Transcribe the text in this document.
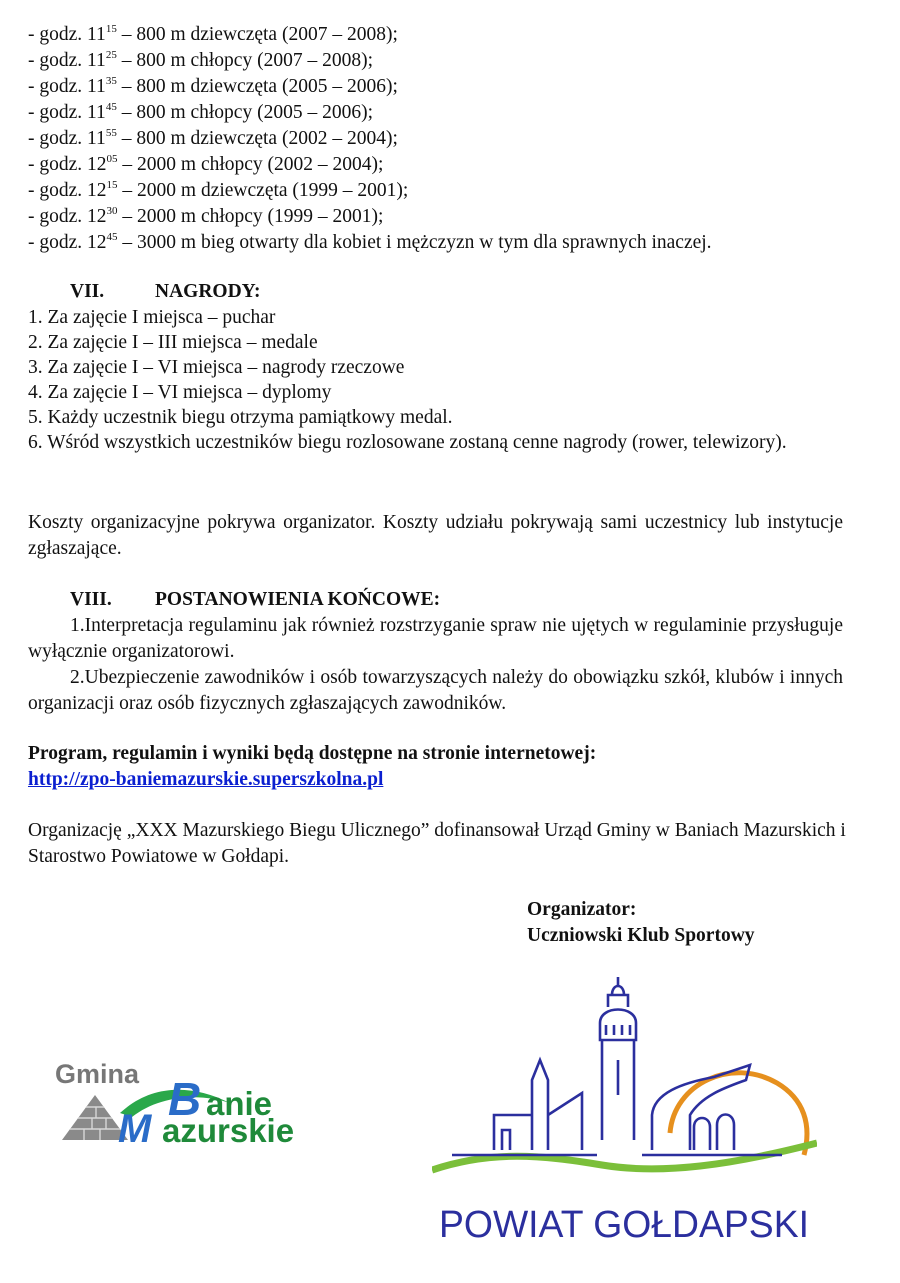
- godz. $11^{15} - 800$ m dziewczęta (2007 – 2008);
- godz. $11^{25} - 800$ m chłopcy (2007 – 2008);
- godz. $11^{35} - 800$ m dziewczęta (2005 – 2006);
- godz. $11^{45} - 800$ m chłopcy (2005 – 2006);
- godz. $11^{55} - 800$ m dziewczęta (2002 – 2004);
- godz. $12^{05} - 2000$ m chłopcy (2002 – 2004);
- godz. $12^{15} - 2000$ m dziewczęta (1999 – 2001);
- godz. $12^{30} - 2000$ m chłopcy (1999 – 2001);
- godz. $12^{45} - 3000$ m bieg otwarty dla kobiet i mężczyzn w tym dla sprawnych inaczej.
VII.	NAGRODY:
1. Za zajęcie I miejsca – puchar
2. Za zajęcie I – III miejsca – medale
3. Za zajęcie I – VI miejsca – nagrody rzeczowe
4. Za zajęcie I – VI miejsca – dyplomy
5. Każdy uczestnik biegu otrzyma pamiątkowy medal.
6. Wśród wszystkich uczestników biegu rozlosowane zostaną cenne nagrody (rower, telewizory).
Koszty organizacyjne pokrywa organizator. Koszty udziału pokrywają sami uczestnicy lub instytucje zgłaszające.
VIII. POSTANOWIENIA KOŃCOWE:
1.Interpretacja regulaminu jak również rozstrzyganie spraw nie ujętych w regulaminie przysługuje wyłącznie organizatorowi.
2.Ubezpieczenie zawodników i osób towarzyszących należy do obowiązku szkół, klubów i innych organizacji oraz osób fizycznych zgłaszających zawodników.
Program, regulamin i wyniki będą dostępne na stronie internetowej:
http://zpo-baniemazurskie.superszkolna.pl
Organizację „XXX Mazurskiego Biegu Ulicznego” dofinansował Urząd Gminy w Baniach Mazurskich i Starostwo Powiatowe w Gołdapi.
Organizator:
Uczniowski Klub Sportowy
Gmina B anie
M azurskie
POWIAT GOŁDAPSKI
